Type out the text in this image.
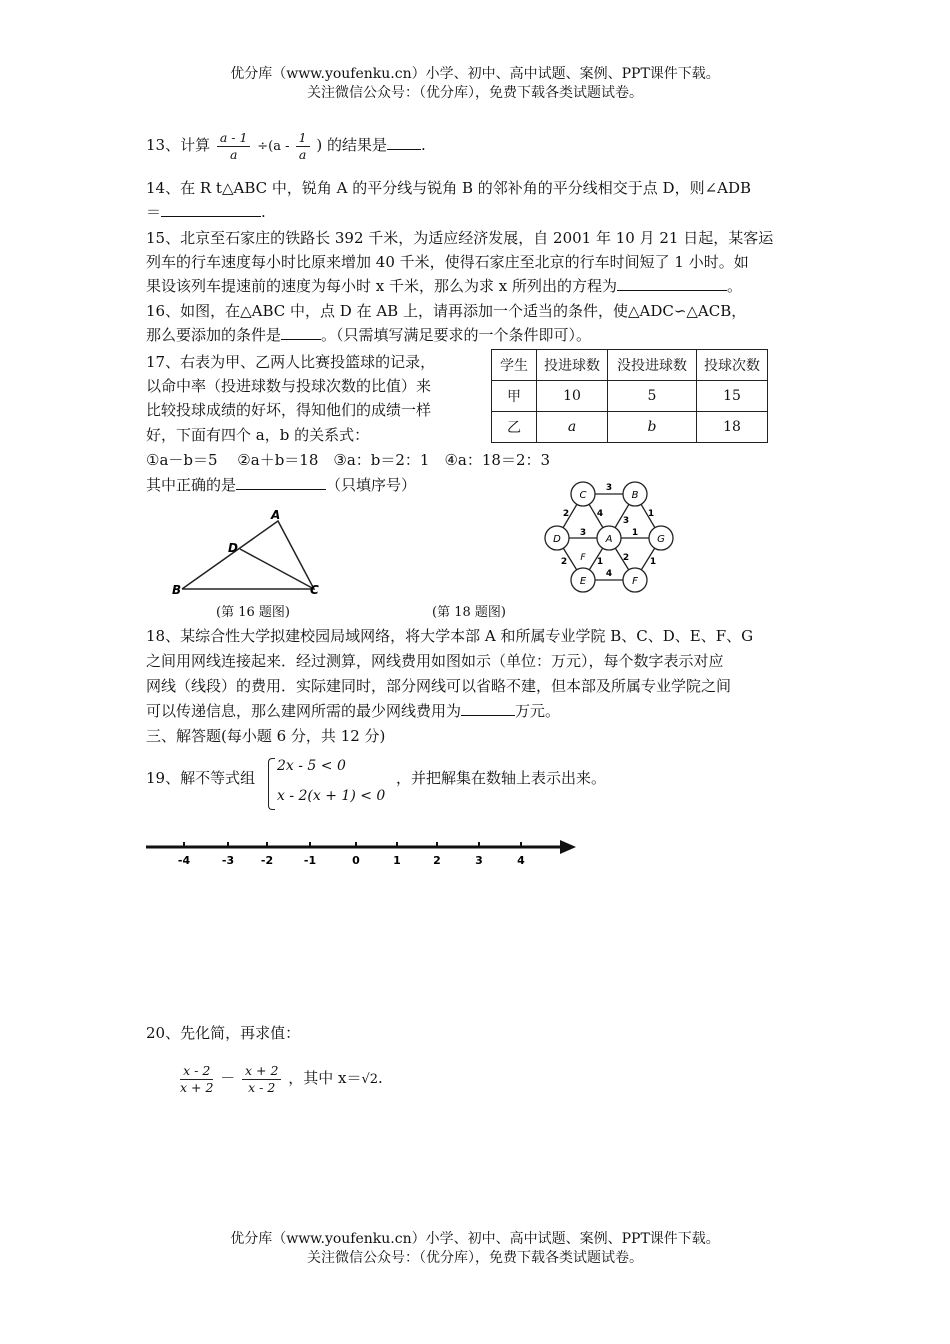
优分库（www.youfenku.cn）小学、初中、高中试题、案例、PPT课件下载。
关注微信公众号：（优分库），免费下载各类试题试卷。
13、计算 $\frac{a - 1}{a} \div(a - \frac{1}{a}$ ) 的结果是 .
14、在 R t△ABC 中，锐角 A 的平分线与锐角 B 的邻补角的平分线相交于点 D，则∠ADB
＝	.
15、北京至石家庄的铁路长 392 千米，为适应经济发展，自 2001 年 10 月 21 日起，某客运
列车的行车速度每小时比原来增加 40 千米，使得石家庄至北京的行车时间短了 1 小时。如
果设该列车提速前的速度为每小时 x 千米，那么为求 x 所列出的方程为	。
16、如图，在△ABC 中，点 D 在 AB 上，请再添加一个适当的条件，使△ADC∽△ACB，
那么要添加的条件是	。（只需填写满足要求的一个条件即可）。
17、右表为甲、乙两人比赛投篮球的记录，
以命中率（投进球数与投球次数的比值）来
比较投球成绩的好坏，得知他们的成绩一样
好，下面有四个 a，b 的关系式：
①a－b＝5　 ②a＋b＝18　③a：b＝2：1　④a：18＝2：3
其中正确的是	（只填序号）
学生	投进球数	没投进球数	投球次数
甲	10	5	15
乙	a	b	18
A
D
B	C
(第 16 题图)
C	B
D	A	G
E	F
3
2	4
3
1
3	1
2 F 1 2 1
4
(第 18 题图)
18、某综合性大学拟建校园局域网络，将大学本部 A 和所属专业学院 B、C、D、E、F、G
之间用网线连接起来．经过测算，网线费用如图如示（单位：万元），每个数字表示对应
网线（线段）的费用．实际建同时，部分网线可以省略不建，但本部及所属专业学院之间
可以传递信息，那么建网所需的最少网线费用为	万元。
三、解答题(每小题 6 分，共 12 分)
19、解不等式组
2x - 5 < 0
x - 2(x + 1) < 0
，并把解集在数轴上表示出来。
-4	-3 -2	-1	0	1	2	3	4
20、先化简，再求值：
$\frac{x - 2}{x + 2} - \frac{x + 2}{x - 2}$ ，其中 x＝√2.
优分库（www.youfenku.cn）小学、初中、高中试题、案例、PPT课件下载。
关注微信公众号：（优分库），免费下载各类试题试卷。
